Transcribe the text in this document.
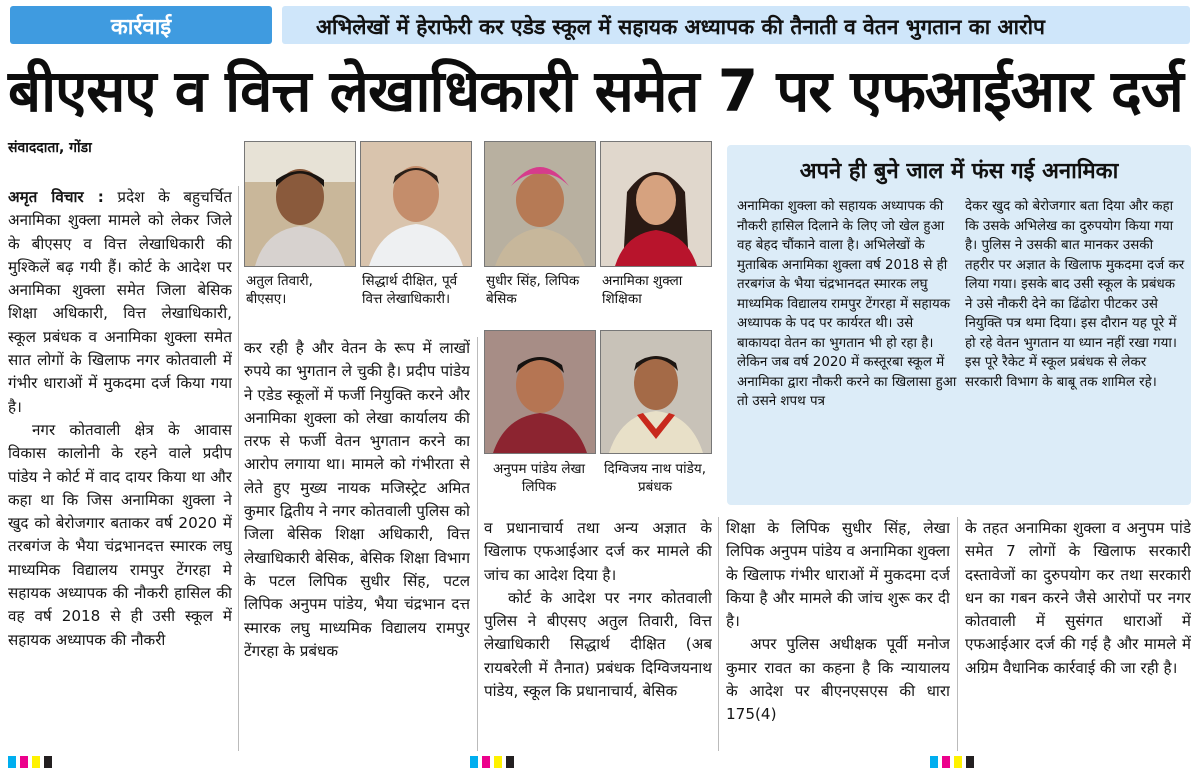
कार्रवाई	अभिलेखों में हेराफेरी कर एडेड स्कूल में सहायक अध्यापक की तैनाती व वेतन भुगतान का आरोप
बीएसए व वित्त लेखाधिकारी समेत 7 पर एफआईआर दर्ज
संवाददाता, गोंडा

अमृत विचार : प्रदेश के बहुचर्चित अनामिका शुक्ला मामले को लेकर जिले के बीएसए व वित्त लेखाधिकारी की मुश्किलें बढ़ गयी हैं। कोर्ट के आदेश पर अनामिका शुक्ला समेत जिला बेसिक शिक्षा अधिकारी, वित्त लेखाधिकारी, स्कूल प्रबंधक व अनामिका शुक्ला समेत सात लोगों के खिलाफ नगर कोतवाली में गंभीर धाराओं में मुकदमा दर्ज किया गया है।

नगर कोतवाली क्षेत्र के आवास विकास कालोनी के रहने वाले प्रदीप पांडेय ने कोर्ट में वाद दायर किया था और कहा था कि जिस अनामिका शुक्ला ने खुद को बेरोजगार बताकर वर्ष 2020 में तरबगंज के भैया चंद्रभानदत्त स्मारक लघु माध्यमिक विद्यालय रामपुर टेंगरहा मे सहायक अध्यापक की नौकरी हासिल की वह वर्ष 2018 से ही उसी स्कूल में सहायक अध्यापक की नौकरी

अतुल तिवारी, बीएसए।
सिद्धार्थ दीक्षित, पूर्व वित्त लेखाधिकारी।
सुधीर सिंह, लिपिक बेसिक
अनामिका शुक्ला शिक्षिका

कर रही है और वेतन के रूप में लाखों रुपये का भुगतान ले चुकी है। प्रदीप पांडेय ने एडेड स्कूलों में फर्जी नियुक्ति करने और अनामिका शुक्ला को लेखा कार्यालय की तरफ से फर्जी वेतन भुगतान करने का आरोप लगाया था। मामले को गंभीरता से लेते हुए मुख्य नायक मजिस्ट्रेट अमित कुमार द्वितीय ने नगर कोतवाली पुलिस को जिला बेसिक शिक्षा अधिकारी, वित्त लेखाधिकारी बेसिक, बेसिक शिक्षा विभाग के पटल लिपिक सुधीर सिंह, पटल लिपिक अनुपम पांडेय, भैया चंद्रभान दत्त स्मारक लघु माध्यमिक विद्यालय रामपुर टेंगरहा के प्रबंधक

अनुपम पांडेय लेखा लिपिक
दिग्विजय नाथ पांडेय, प्रबंधक

व प्रधानाचार्य तथा अन्य अज्ञात के खिलाफ एफआईआर दर्ज कर मामले की जांच का आदेश दिया है।

कोर्ट के आदेश पर नगर कोतवाली पुलिस ने बीएसए अतुल तिवारी, वित्त लेखाधिकारी सिद्धार्थ दीक्षित (अब रायबरेली में तैनात) प्रबंधक दिग्विजयनाथ पांडेय, स्कूल कि प्रधानाचार्य, बेसिक

अपने ही बुने जाल में फंस गई अनामिका
अनामिका शुक्ला को सहायक अध्यापक की नौकरी हासिल दिलाने के लिए जो खेल हुआ वह बेहद चौंकाने वाला है। अभिलेखों के मुताबिक अनामिका शुक्ला वर्ष 2018 से ही तरबगंज के भैया चंद्रभानदत स्मारक लघु माध्यमिक विद्यालय रामपुर टेंगरहा में सहायक अध्यापक के पद पर कार्यरत थी। उसे बाकायदा वेतन का भुगतान भी हो रहा है। लेकिन जब वर्ष 2020 में कस्तूरबा स्कूल में अनामिका द्वारा नौकरी करने का खिलासा हुआ तो उसने शपथ पत्र
देकर खुद को बेरोजगार बता दिया और कहा कि उसके अभिलेख का दुरुपयोग किया गया है। पुलिस ने उसकी बात मानकर उसकी तहरीर पर अज्ञात के खिलाफ मुकदमा दर्ज कर लिया गया। इसके बाद उसी स्कूल के प्रबंधक ने उसे नौकरी देने का ढिंढोरा पीटकर उसे नियुक्ति पत्र थमा दिया। इस दौरान यह पूरे में हो रहे वेतन भुगतान या ध्यान नहीं रखा गया। इस पूरे रैकेट में स्कूल प्रबंधक से लेकर सरकारी विभाग के बाबू तक शामिल रहे।

शिक्षा के लिपिक सुधीर सिंह, लेखा लिपिक अनुपम पांडेय व अनामिका शुक्ला के खिलाफ गंभीर धाराओं में मुकदमा दर्ज किया है और मामले की जांच शुरू कर दी है।

अपर पुलिस अधीक्षक पूर्वी मनोज कुमार रावत का कहना है कि न्यायालय के आदेश पर बीएनएसएस की धारा 175(4)

के तहत अनामिका शुक्ला व अनुपम पांडे समेत 7 लोगों के खिलाफ सरकारी दस्तावेजों का दुरुपयोग कर तथा सरकारी धन का गबन करने जैसे आरोपों पर नगर कोतवाली में सुसंगत धाराओं में एफआईआर दर्ज की गई है और मामले में अग्रिम वैधानिक कार्रवाई की जा रही है।
